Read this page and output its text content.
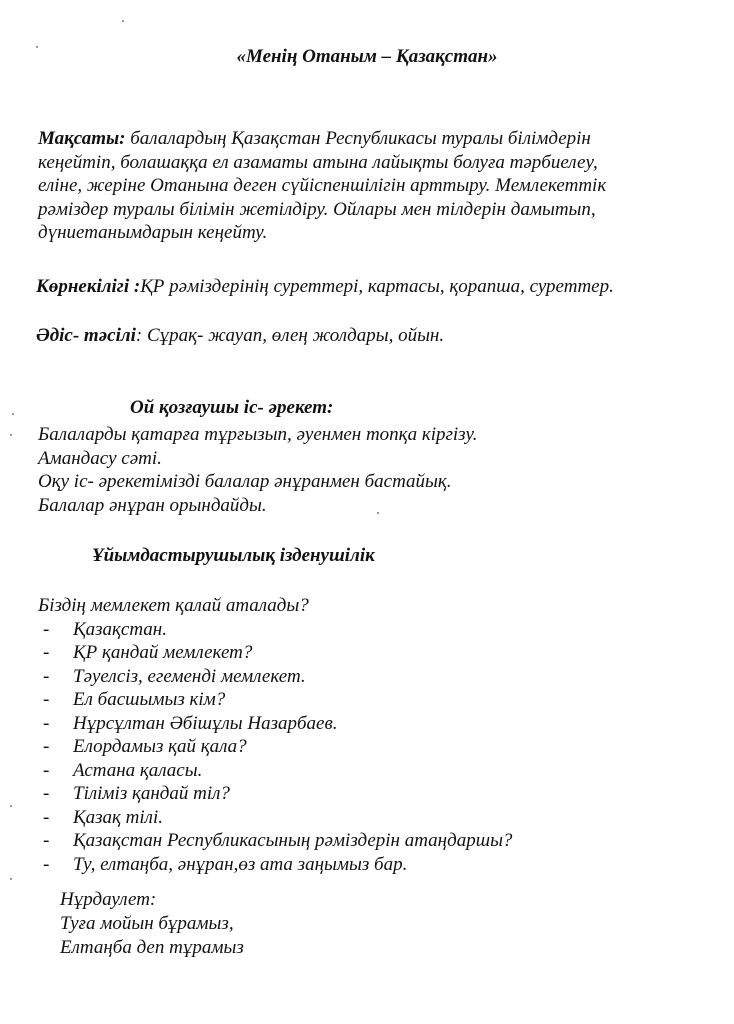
«Менің Отаным – Қазақстан»

Мақсаты: балалардың Қазақстан Республикасы туралы білімдерін
кеңейтіп, болашаққа ел азаматы атына лайықты болуға тәрбиелеу,
еліне, жеріне Отанына деген сүйіспеншілігін арттыру. Мемлекеттік
рәміздер туралы білімін жетілдіру. Ойлары мен тілдерін дамытып,
дүниетанымдарын кеңейту.

Көрнекілігі :ҚР рәміздерінің суреттері, картасы, қорапша, суреттер.

Әдіс- тәсілі: Сұрақ- жауап, өлең жолдары, ойын.

Ой қозғаушы іс- әрекет:
Балаларды қатарға тұрғызып, әуенмен топқа кіргізу.
Амандасу сәті.
Оқу іс- әрекетімізді балалар әнұранмен бастайық.
Балалар әнұран орындайды.
Ұйымдастырушылық ізденушілік
Біздің мемлекет қалай аталады?
- Қазақстан.
- ҚР қандай мемлекет?
- Тәуелсіз, егеменді мемлекет.
- Ел басшымыз кім?
- Нұрсұлтан Әбішұлы Назарбаев.
- Елордамыз қай қала?
- Астана қаласы.
- Тіліміз қандай тіл?
- Қазақ тілі.
- Қазақстан Республикасының рәміздерін атаңдаршы?
- Ту, елтаңба, әнұран,өз ата заңымыз бар.
Нұрдаулет:
Туға мойын бұрамыз,
Елтаңба деп тұрамыз
